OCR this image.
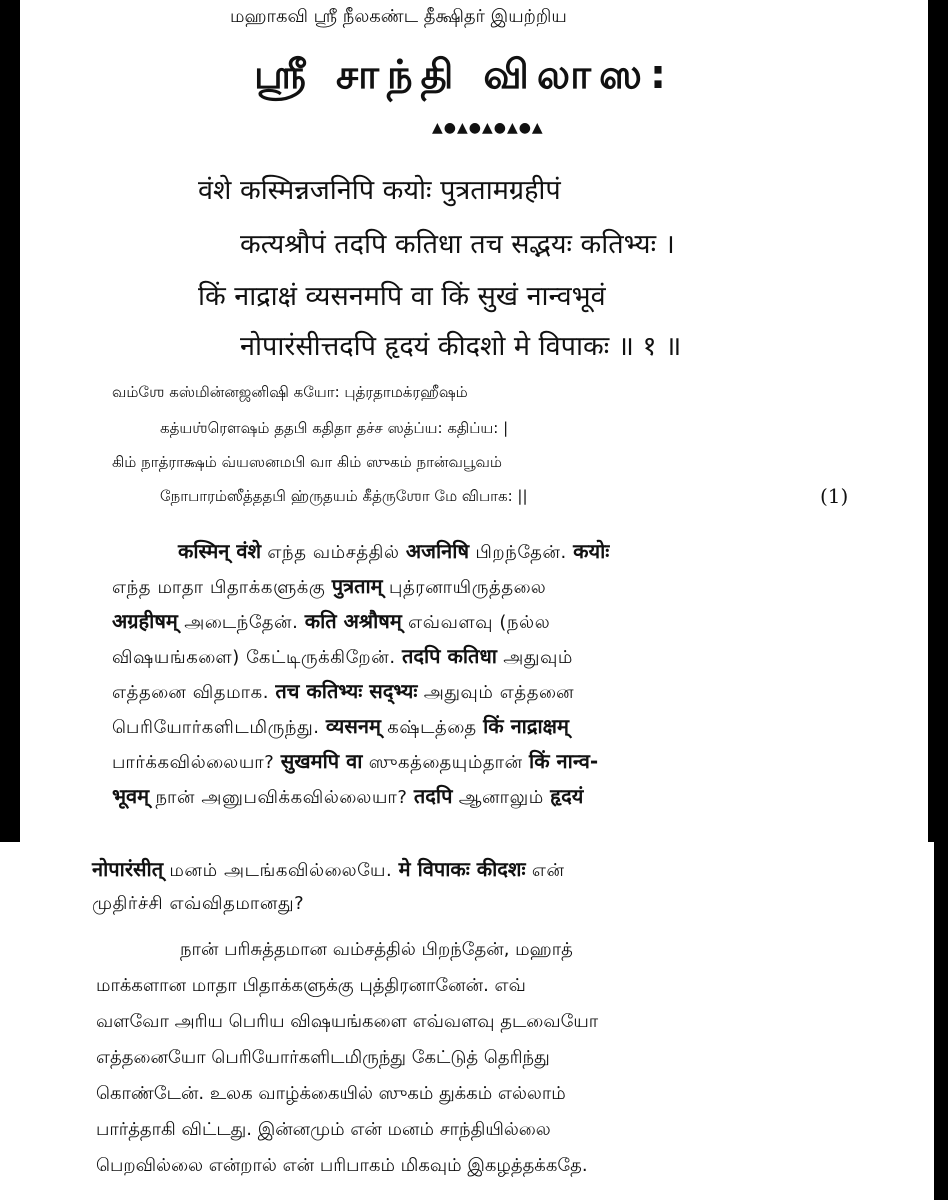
மஹாகவி ஸ்ரீ நீலகண்ட தீக்ஷிதர் இயற்றிய

ஸ்ரீ சாந்தி விலாஸ:

▲●▲●▲●▲●▲

वंशे कस्मिन्नजनिपि कयोः पुत्रतामग्रहीपं

कत्यश्रौपं तदपि कतिधा तच सद्भयः कतिभ्यः ।

किं नाद्राक्षं व्यसनमपि वा किं सुखं नान्वभूवं

नोपारंसीत्तदपि हृदयं कीदशो मे विपाकः ॥ १ ॥

வம்ஶே கஸ்மின்னஜனிஷி கயோ: புத்ரதாமக்ரஹீஷம்

கத்யஶ்ரௌஷம் ததபி கதிதா தச்ச ஸத்ப்ய: கதிப்ய: |

கிம் நாத்ராக்ஷம் வ்யஸனமபி வா கிம் ஸுகம் நான்வபூவம்

நோபாரம்ஸீத்ததபி ஹ்ருதயம் கீத்ருஶோ மே விபாக: ||	(1)

कस्मिन् वंशे எந்த வம்சத்தில் अजनिषि பிறந்தேன். कयोः

எந்த மாதா பிதாக்களுக்கு पुत्रताम् புத்ரனாயிருத்தலை

अग्रहीषम् அடைந்தேன். कति अश्रौषम् எவ்வளவு (நல்ல

விஷயங்களை) கேட்டிருக்கிறேன். तदपि कतिधा அதுவும்

எத்தனை விதமாக. तच कतिभ्यः सद्भ्यः அதுவும் எத்தனை

பெரியோர்களிடமிருந்து. व्यसनम् கஷ்டத்தை किं नाद्राक्षम्

பார்க்கவில்லையா? सुखमपि वा ஸுகத்தையும்தான் किं नान्व-

भूवम् நான் அனுபவிக்கவில்லையா? तदपि ஆனாலும் हृदयं

नोपारंसीत् மனம் அடங்கவில்லையே. मे विपाकः कीदशः என்

முதிர்ச்சி எவ்விதமானது?

நான் பரிசுத்தமான வம்சத்தில் பிறந்தேன், மஹாத்

மாக்களான மாதா பிதாக்களுக்கு புத்திரனானேன். எவ்

வளவோ அரிய பெரிய விஷயங்களை எவ்வளவு தடவையோ

எத்தனையோ பெரியோர்களிடமிருந்து கேட்டுத் தெரிந்து

கொண்டேன். உலக வாழ்க்கையில் ஸுகம் துக்கம் எல்லாம்

பார்த்தாகி விட்டது. இன்னமும் என் மனம் சாந்தியில்லை

பெறவில்லை என்றால் என் பரிபாகம் மிகவும் இகழத்தக்கதே.
